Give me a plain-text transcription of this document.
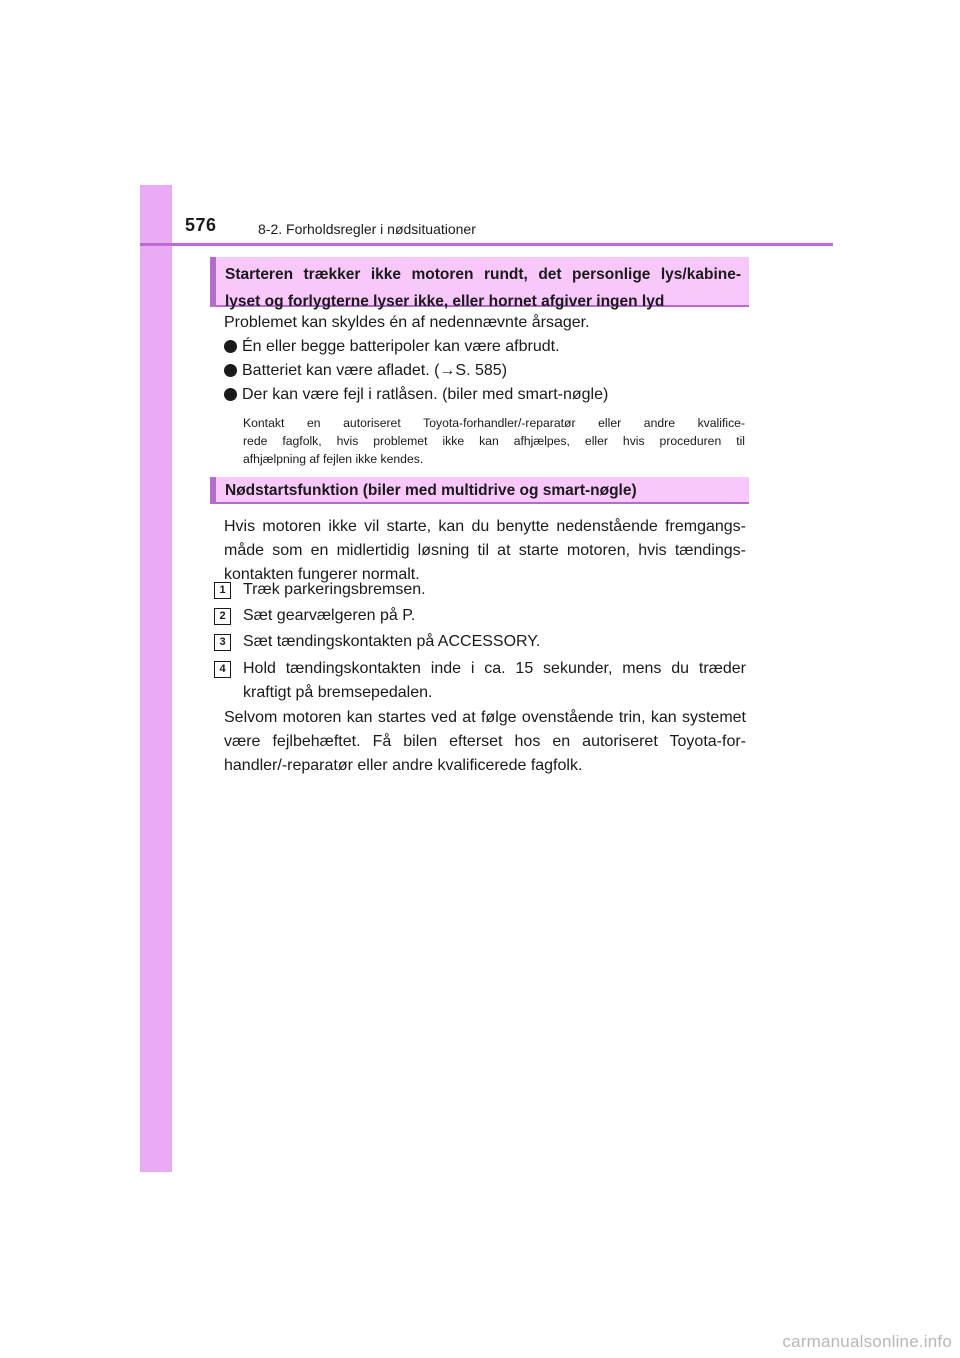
576	8-2. Forholdsregler i nødsituationer
Starteren trækker ikke motoren rundt, det personlige lys/kabine-
lyset og forlygterne lyser ikke, eller hornet afgiver ingen lyd
Problemet kan skyldes én af nedennævnte årsager.
Én eller begge batteripoler kan være afbrudt.
Batteriet kan være afladet. (→S. 585)
Der kan være fejl i ratlåsen. (biler med smart-nøgle)
Kontakt en autoriseret Toyota-forhandler/-reparatør eller andre kvalifice-
rede fagfolk, hvis problemet ikke kan afhjælpes, eller hvis proceduren til
afhjælpning af fejlen ikke kendes.
Nødstartsfunktion (biler med multidrive og smart-nøgle)
Hvis motoren ikke vil starte, kan du benytte nedenstående fremgangs-
måde som en midlertidig løsning til at starte motoren, hvis tændings-
kontakten fungerer normalt.
1	Træk parkeringsbremsen.
2	Sæt gearvælgeren på P.
3	Sæt tændingskontakten på ACCESSORY.
4	Hold tændingskontakten inde i ca. 15 sekunder, mens du træder
kraftigt på bremsepedalen.
Selvom motoren kan startes ved at følge ovenstående trin, kan systemet
være fejlbehæftet. Få bilen efterset hos en autoriseret Toyota-for-
handler/-reparatør eller andre kvalificerede fagfolk.
carmanualsonline.info
